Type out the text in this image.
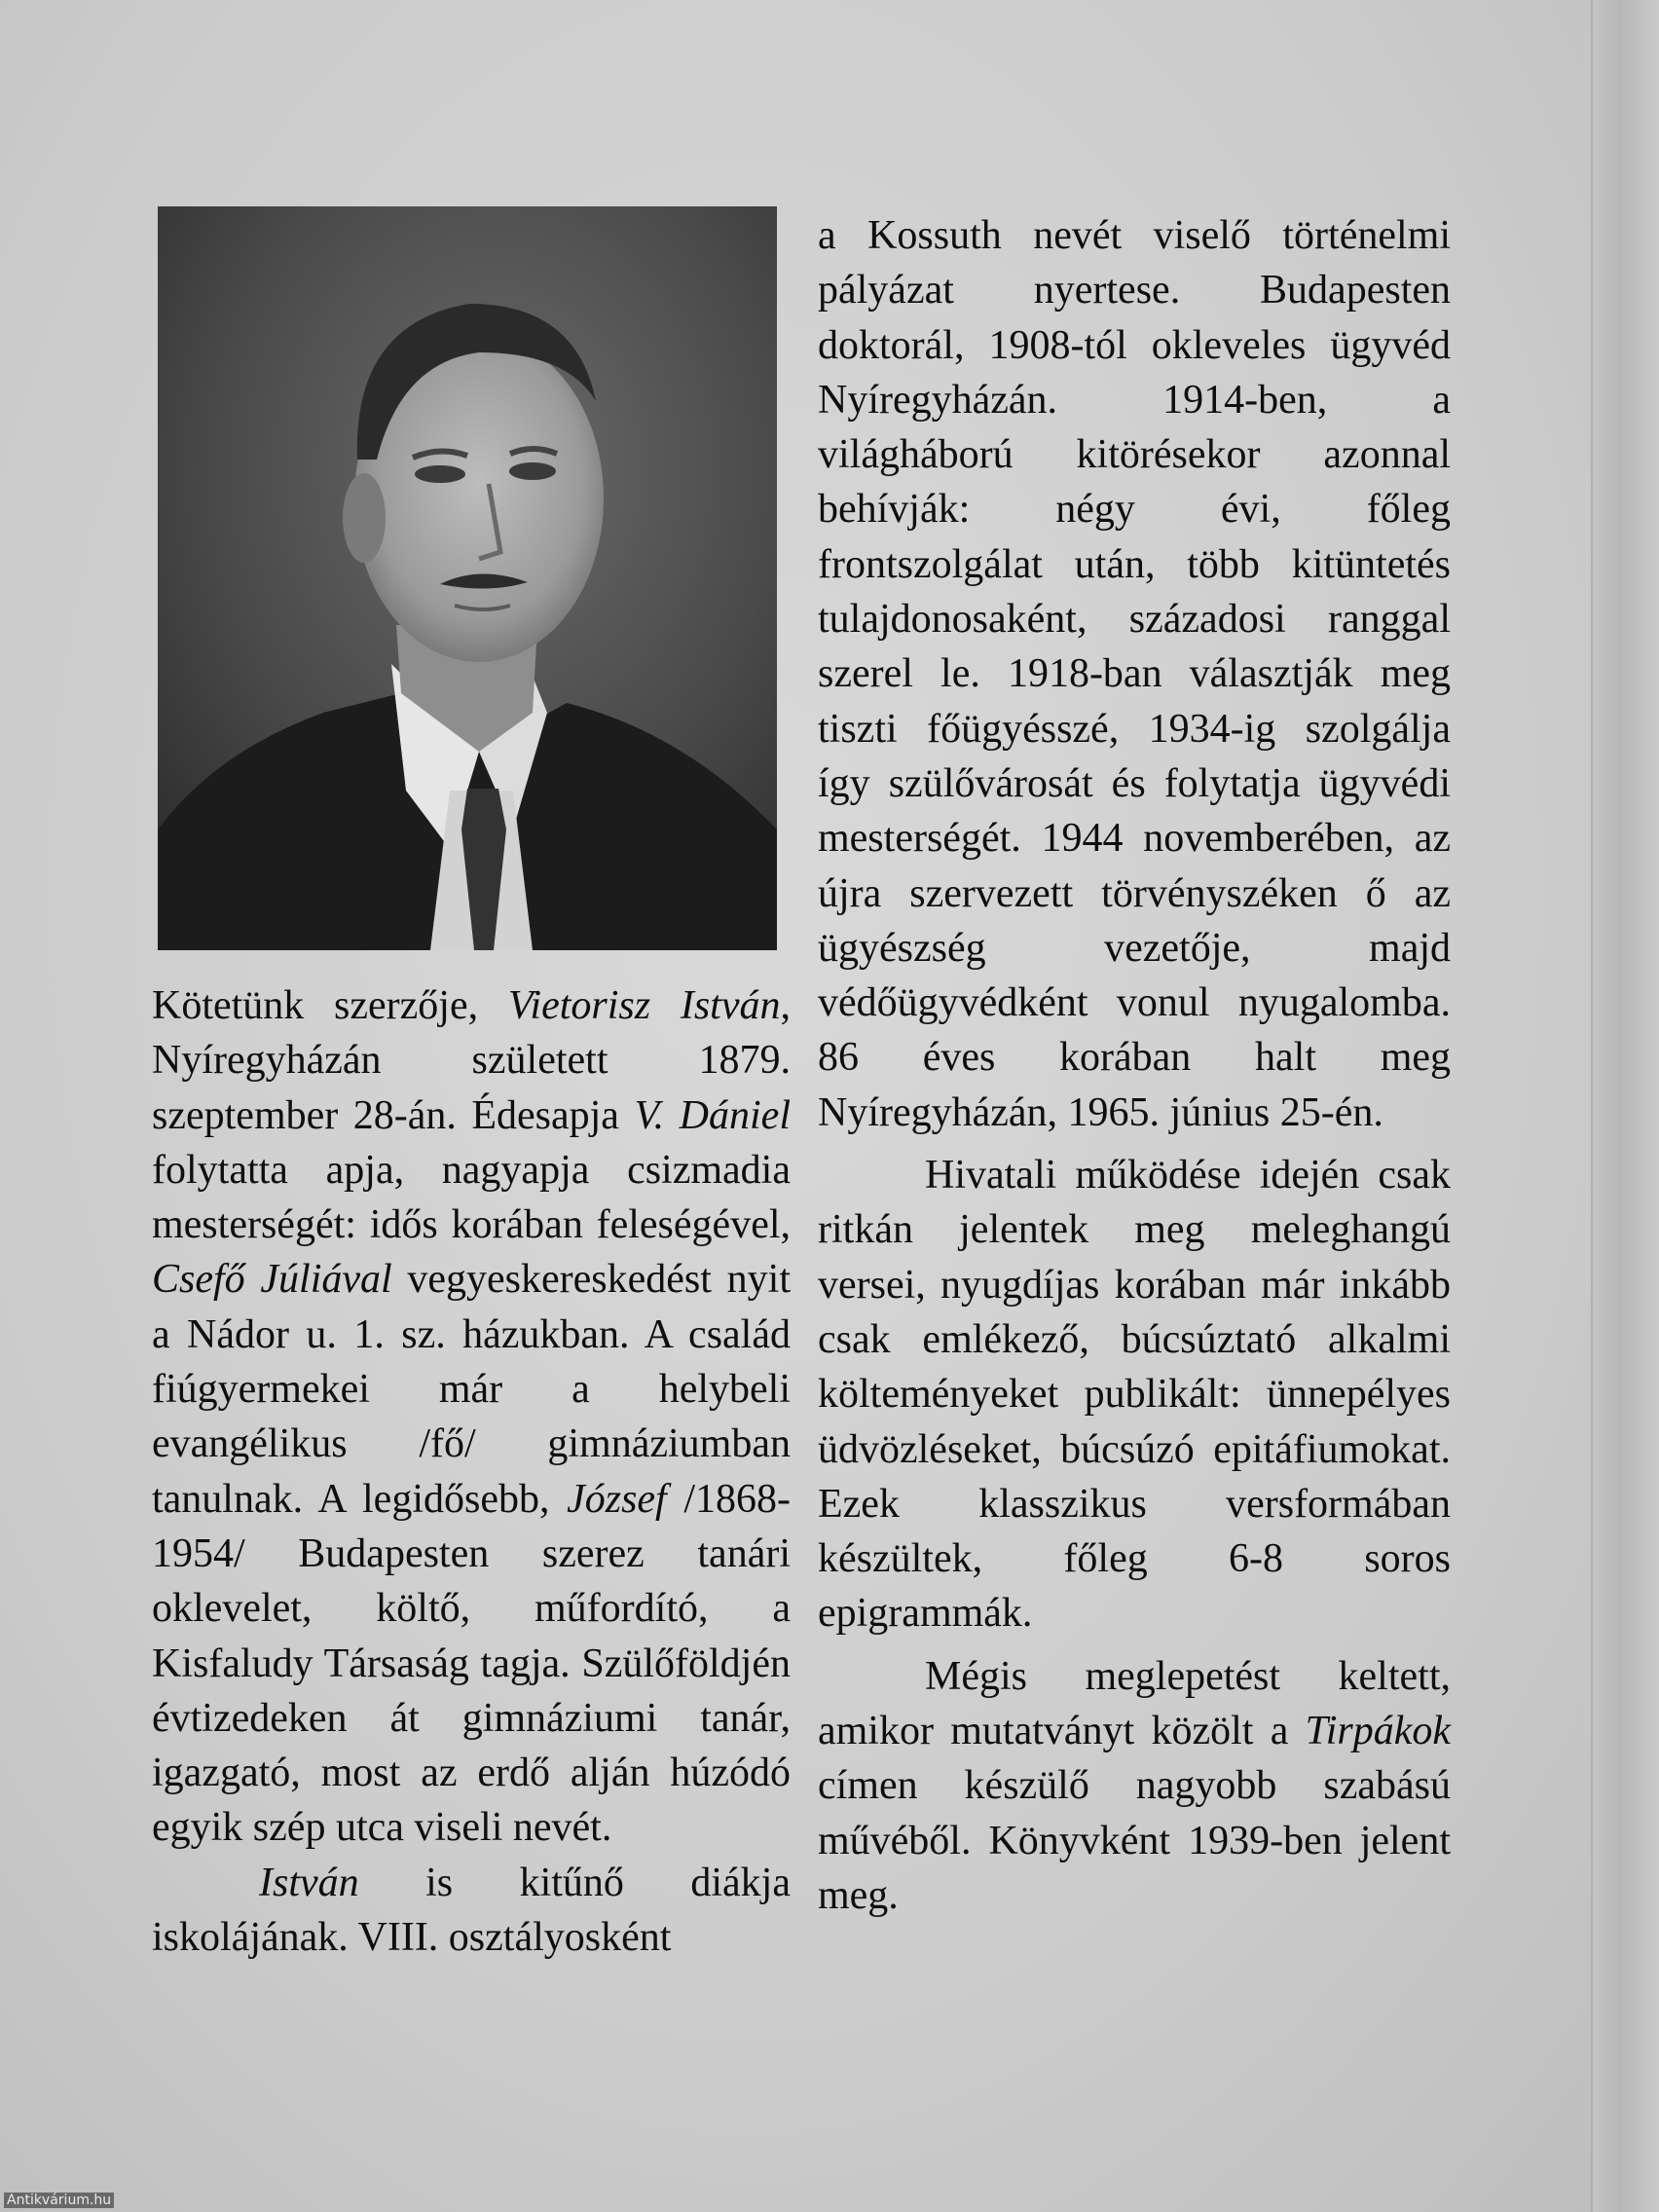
Kötetünk szerzője, Vietorisz István, Nyíregyházán született 1879. szeptember 28-án. Édesapja V. Dániel folytatta apja, nagyapja csizmadia mesterségét: idős korában feleségével, Csefő Júliával vegyeskereskedést nyit a Nádor u. 1. sz. házukban. A család fiúgyermekei már a helybeli evangélikus /fő/ gimnáziumban tanulnak. A legidősebb, József /1868-1954/ Budapesten szerez tanári oklevelet, költő, műfordító, a Kisfaludy Társaság tagja. Szülőföldjén évtizedeken át gimnáziumi tanár, igazgató, most az erdő alján húzódó egyik szép utca viseli nevét.

István is kitűnő diákja iskolájának. VIII. osztályosként

a Kossuth nevét viselő történelmi pályázat nyertese. Budapesten doktorál, 1908-tól okleveles ügyvéd Nyíregyházán. 1914-ben, a világháború kitörésekor azonnal behívják: négy évi, főleg frontszolgálat után, több kitüntetés tulajdonosaként, századosi ranggal szerel le. 1918-ban választják meg tiszti főügyésszé, 1934-ig szolgálja így szülővárosát és folytatja ügyvédi mesterségét. 1944 novemberében, az újra szervezett törvényszéken ő az ügyészség vezetője, majd védőügyvédként vonul nyugalomba. 86 éves korában halt meg Nyíregyházán, 1965. június 25-én.

Hivatali működése idején csak ritkán jelentek meg meleghangú versei, nyugdíjas korában már inkább csak emlékező, búcsúztató alkalmi költeményeket publikált: ünnepélyes üdvözléseket, búcsúzó epitáfiumokat. Ezek klasszikus versformában készültek, főleg 6-8 soros epigrammák.

Mégis meglepetést keltett, amikor mutatványt közölt a Tirpákok címen készülő nagyobb szabású művéből. Könyvként 1939-ben jelent meg.

Antikvárium.hu
